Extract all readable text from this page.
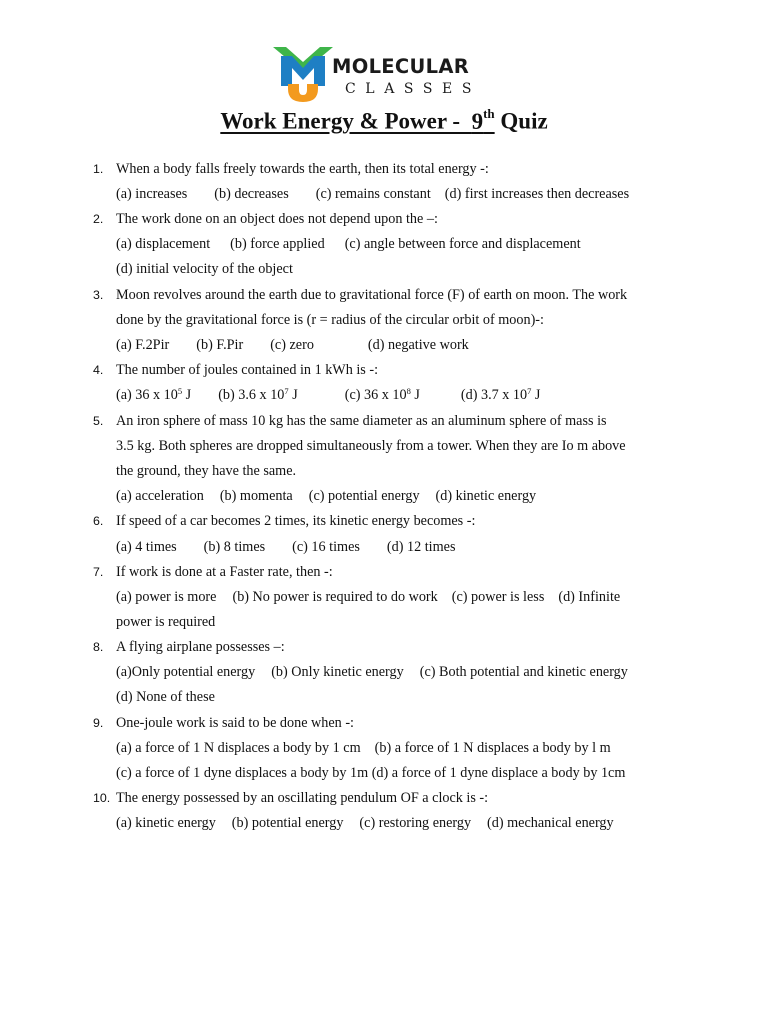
MOLECULAR
CLASSES
Work Energy & Power -  9th Quiz
1. When a body falls freely towards the earth, then its total energy -:
(a) increases (b) decreases (c) remains constant (d) first increases then decreases
2. The work done on an object does not depend upon the –:
(a) displacement (b) force applied (c) angle between force and displacement
(d) initial velocity of the object
3. Moon revolves around the earth due to gravitational force (F) of earth on moon. The work
done by the gravitational force is (r = radius of the circular orbit of moon)-:
(a) F.2Pir (b) F.Pir (c) zero	(d) negative work
4. The number of joules contained in 1 kWh is -:
(a) 36 x $10^5$ J (b) 3.6 x $10^7$ J	(c) 36 x $10^8$ J	(d) 3.7 x $10^7$ J
5. An iron sphere of mass 10 kg has the same diameter as an aluminum sphere of mass is
3.5 kg. Both spheres are dropped simultaneously from a tower. When they are Io m above
the ground, they have the same.
(a) acceleration (b) momenta (c) potential energy (d) kinetic energy
6. If speed of a car becomes 2 times, its kinetic energy becomes -:
(a) 4 times (b) 8 times (c) 16 times (d) 12 times
7. If work is done at a Faster rate, then -:
(a) power is more (b) No power is required to do work (c) power is less (d) Infinite
power is required
8. A flying airplane possesses –:
(a)Only potential energy (b) Only kinetic energy (c) Both potential and kinetic energy
(d) None of these
9. One-joule work is said to be done when -:
(a) a force of 1 N displaces a body by 1 cm (b) a force of 1 N displaces a body by l m
(c) a force of 1 dyne displaces a body by 1m (d) a force of 1 dyne displace a body by 1cm
10. The energy possessed by an oscillating pendulum OF a clock is -:
(a) kinetic energy (b) potential energy (c) restoring energy (d) mechanical energy
